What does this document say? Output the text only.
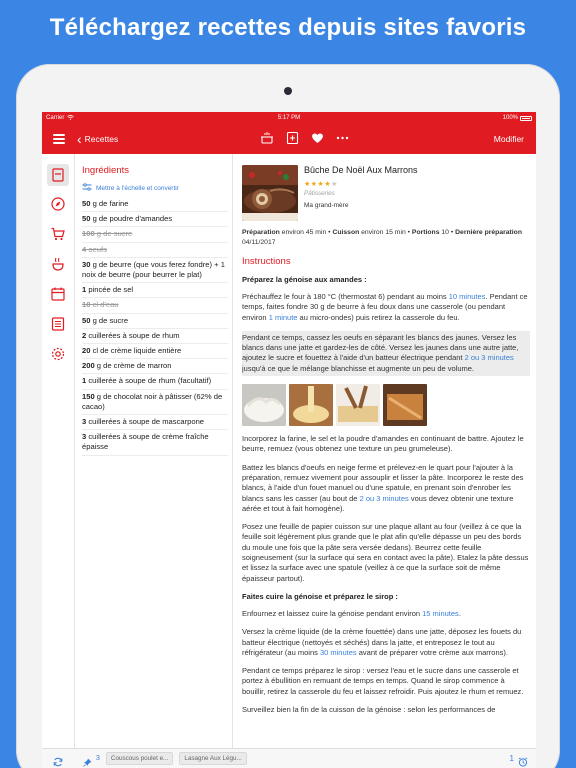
Téléchargez recettes depuis sites favoris
Carrier	5:17 PM	100%
‹ Recettes	Modifier
Ingrédients
Mettre à l'échelle et convertir
50 g de farine
50 g de poudre d'amandes
100 g de sucre
4 oeufs
30 g de beurre (que vous ferez fondre) + 1 noix de beurre (pour beurrer le plat)
1 pincée de sel
10 cl d'eau
50 g de sucre
2 cuillerées à soupe de rhum
20 cl de crème liquide entière
200 g de crème de marron
1 cuillerée à soupe de rhum (facultatif)
150 g de chocolat noir à pâtisser (62% de cacao)
3 cuillerées à soupe de mascarpone
3 cuillerées à soupe de crème fraîche épaisse
Bûche De Noël Aux Marrons
★★★★★
Pâtisseries
Ma grand-mère
Préparation environ 45 min • Cuisson environ 15 min • Portions 10 • Dernière préparation 04/11/2017
Instructions
Préparez la génoise aux amandes :

Préchauffez le four à 180 °C (thermostat 6) pendant au moins 10 minutes. Pendant ce temps, faites fondre 30 g de beurre à feu doux dans une casserole (ou pendant environ 1 minute au micro-ondes) puis retirez la casserole du feu.

Pendant ce temps, cassez les oeufs en séparant les blancs des jaunes. Versez les blancs dans une jatte et gardez-les de côté. Versez les jaunes dans une autre jatte, ajoutez le sucre et fouettez à l'aide d'un batteur électrique pendant 2 ou 3 minutes jusqu'à ce que le mélange blanchisse et augmente un peu de volume.

Incorporez la farine, le sel et la poudre d'amandes en continuant de battre. Ajoutez le beurre, remuez (vous obtenez une texture un peu grumeleuse).

Battez les blancs d'oeufs en neige ferme et prélevez-en le quart pour l'ajouter à la préparation, remuez vivement pour assouplir et lisser la pâte. Incorporez le reste des blancs, à l'aide d'un fouet manuel ou d'une spatule, en prenant soin d'enrober les blancs sans les casser (au bout de 2 ou 3 minutes vous devez obtenir une texture aérée et tout à fait homogène).

Posez une feuille de papier cuisson sur une plaque allant au four (veillez à ce que la feuille soit légèrement plus grande que le plat afin qu'elle dépasse un peu des bords du moule une fois que la pâte sera versée dedans). Beurrez cette feuille soigneusement (sur la surface qui sera en contact avec la pâte). Etalez la pâte dessus et lissez la surface avec une spatule (veillez à ce que la surface soit de même épaisseur partout).

Faites cuire la génoise et préparez le sirop :

Enfournez et laissez cuire la génoise pendant environ 15 minutes.

Versez la crème liquide (de la crème fouettée) dans une jatte, déposez les fouets du batteur électrique (nettoyés et séchés) dans la jatte, et entreposez le tout au réfrigérateur (au moins 30 minutes avant de préparer votre crème aux marrons).

Pendant ce temps préparez le sirop : versez l'eau et le sucre dans une casserole et portez à ébullition en remuant de temps en temps. Quand le sirop commence à bouillir, retirez la casserole du feu et laissez refroidir. Puis ajoutez le rhum et remuez.

Surveillez bien la fin de la cuisson de la génoise : selon les performances de

3	Couscous poulet e...	Lasagne Aux Légu...	1
